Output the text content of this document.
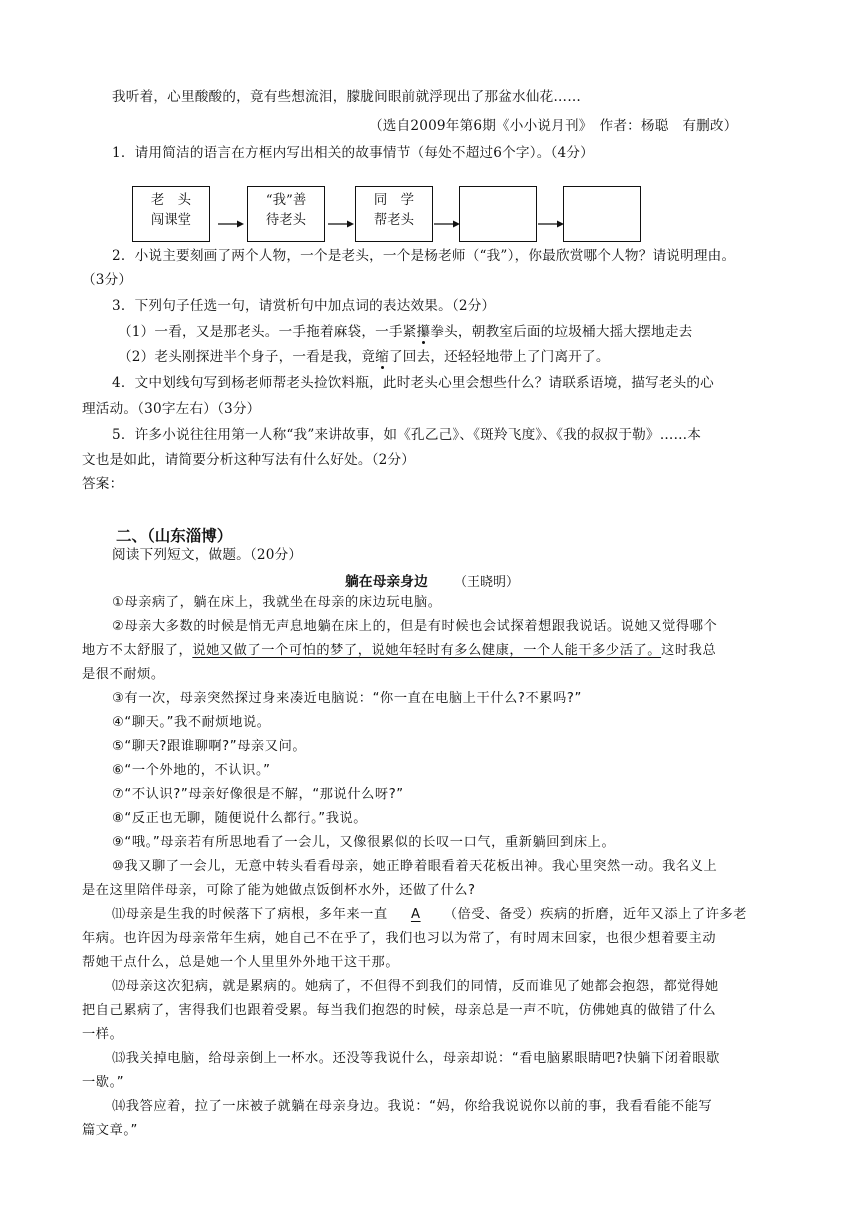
我听着，心里酸酸的，竟有些想流泪，朦胧间眼前就浮现出了那盆水仙花……
（选自2009年第6期《小小说月刊》　作者：杨聪　有删改）
1．请用简洁的语言在方框内写出相关的故事情节（每处不超过6个字）。（4分）
老　头
闯课堂
“我”善
待老头
同　学
帮老头
2．小说主要刻画了两个人物，一个是老头，一个是杨老师（“我”），你最欣赏哪个人物？请说明理由。
（3分）
3．下列句子任选一句，请赏析句中加点词的表达效果。（2分）
（1）一看，又是那老头。一手拖着麻袋，一手紧攥拳头，朝教室后面的垃圾桶大摇大摆地走去
（2）老头刚探进半个身子，一看是我，竟缩了回去，还轻轻地带上了门离开了。
4．文中划线句写到杨老师帮老头捡饮料瓶，此时老头心里会想些什么？请联系语境，描写老头的心
理活动。（30字左右）（3分）
5．许多小说往往用第一人称“我”来讲故事，如《孔乙己》、《斑羚飞度》、《我的叔叔于勒》……本
文也是如此，请简要分析这种写法有什么好处。（2分）
答案：
二、（山东淄博）
阅读下列短文，做题。（20分）
躺在母亲身边 （王晓明）
①母亲病了，躺在床上，我就坐在母亲的床边玩电脑。
②母亲大多数的时候是悄无声息地躺在床上的，但是有时候也会试探着想跟我说话。说她又觉得哪个
地方不太舒服了，说她又做了一个可怕的梦了，说她年轻时有多么健康，一个人能干多少活了。这时我总
是很不耐烦。
③有一次，母亲突然探过身来凑近电脑说：“你一直在电脑上干什么?不累吗?”
④“聊天。”我不耐烦地说。
⑤“聊天?跟谁聊啊?”母亲又问。
⑥“一个外地的，不认识。”
⑦“不认识?”母亲好像很是不解，“那说什么呀?”
⑧“反正也无聊，随便说什么都行。”我说。
⑨“哦。”母亲若有所思地看了一会儿，又像很累似的长叹一口气，重新躺回到床上。
⑩我又聊了一会儿，无意中转头看看母亲，她正睁着眼看着天花板出神。我心里突然一动。我名义上
是在这里陪伴母亲，可除了能为她做点饭倒杯水外，还做了什么?
⑾母亲是生我的时候落下了病根，多年来一直 A （倍受、备受）疾病的折磨，近年又添上了许多老
年病。也许因为母亲常年生病，她自己不在乎了，我们也习以为常了，有时周末回家，也很少想着要主动
帮她干点什么，总是她一个人里里外外地干这干那。
⑿母亲这次犯病，就是累病的。她病了，不但得不到我们的同情，反而谁见了她都会抱怨，都觉得她
把自己累病了，害得我们也跟着受累。每当我们抱怨的时候，母亲总是一声不吭，仿佛她真的做错了什么
一样。
⒀我关掉电脑，给母亲倒上一杯水。还没等我说什么，母亲却说：“看电脑累眼睛吧?快躺下闭着眼歇
一歇。”
⒁我答应着，拉了一床被子就躺在母亲身边。我说：“妈，你给我说说你以前的事，我看看能不能写
篇文章。”
